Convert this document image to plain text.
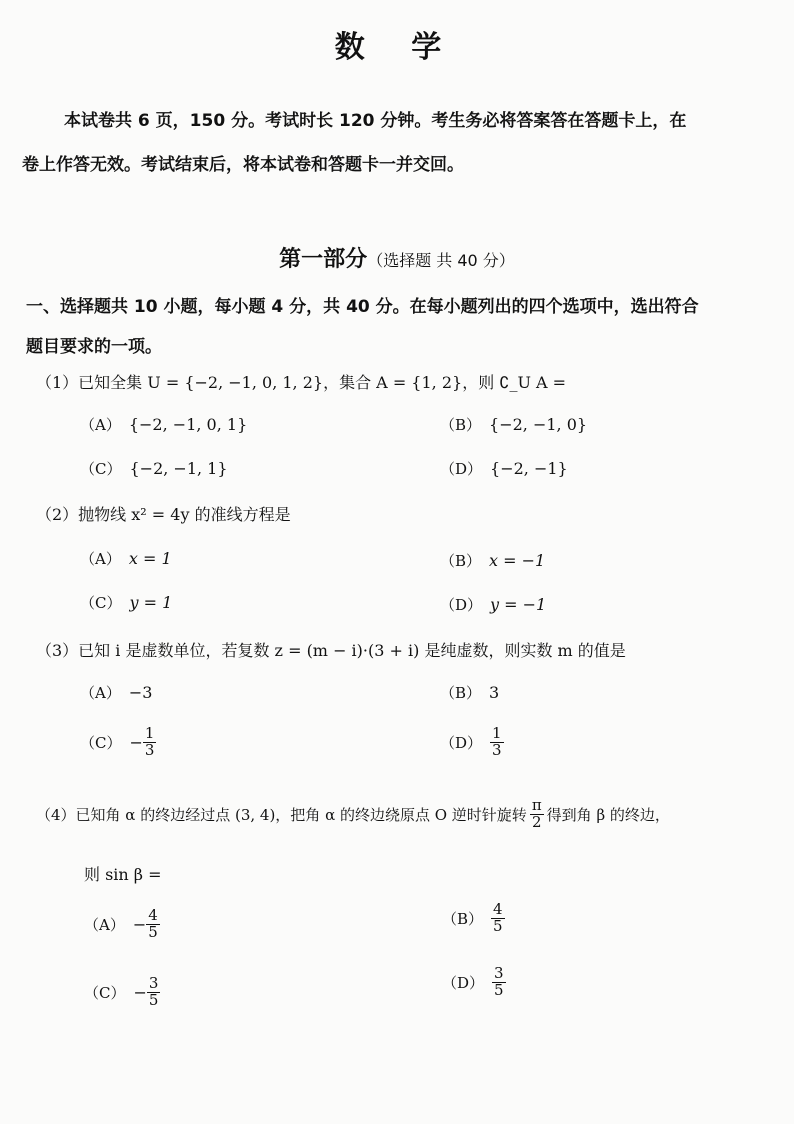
数 学
本试卷共 6 页，150 分。考试时长 120 分钟。考生务必将答案答在答题卡上，在
卷上作答无效。考试结束后，将本试卷和答题卡一并交回。
第一部分（选择题 共 40 分）
一、选择题共 10 小题，每小题 4 分，共 40 分。在每小题列出的四个选项中，选出符合
题目要求的一项。
（1）已知全集 U = {−2, −1, 0, 1, 2}，集合 A = {1, 2}，则 ∁_U A =
（A） {−2, −1, 0, 1}	（B） {−2, −1, 0}
（C） {−2, −1, 1}	（D） {−2, −1}
（2）抛物线 x² = 4y 的准线方程是
（A） x = 1	（B） x = −1
（C） y = 1	（D） y = −1
（3）已知 i 是虚数单位，若复数 z = (m − i)·(3 + i) 是纯虚数，则实数 m 的值是
（A） −3	（B） 3
$(C) - \frac{1}{3}$	$(D) \frac{1}{3}$
（4）已知角 α 的终边经过点 (3, 4)，把角 α 的终边绕原点 O 逆时针旋转 $\frac{\pi}{2}$ 得到角 β 的终边，
则 sin β =
$(A) - \frac{4}{5}$	$(B) \frac{4}{5}$
$(C) - \frac{3}{5}$	$(D) \frac{3}{5}$
